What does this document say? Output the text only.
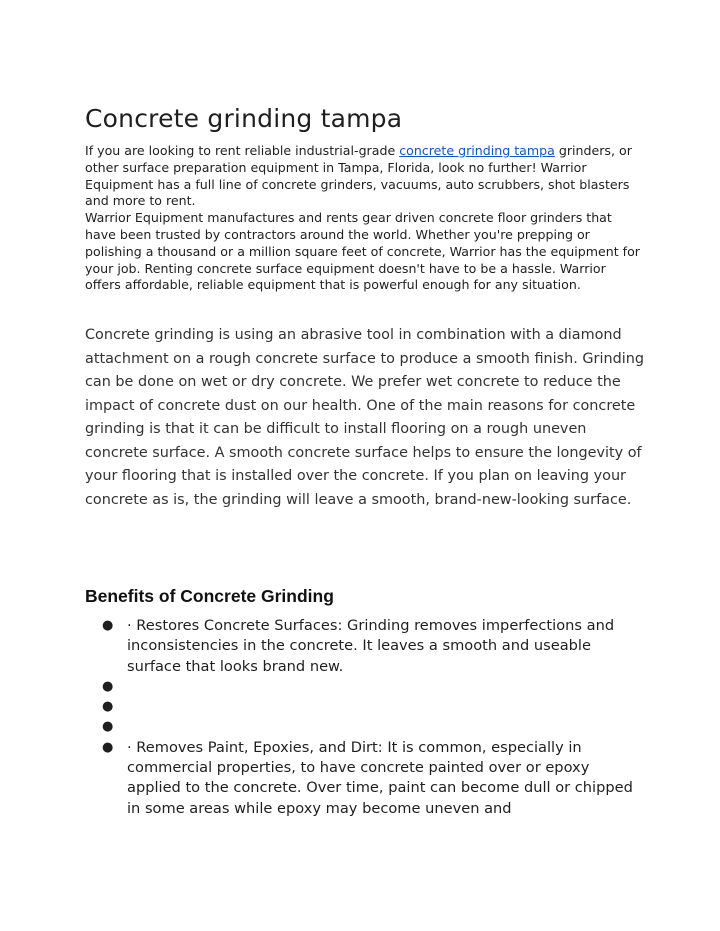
Concrete grinding tampa

If you are looking to rent reliable industrial-grade concrete grinding tampa grinders, or other surface preparation equipment in Tampa, Florida, look no further! Warrior Equipment has a full line of concrete grinders, vacuums, auto scrubbers, shot blasters and more to rent.

Warrior Equipment manufactures and rents gear driven concrete floor grinders that have been trusted by contractors around the world. Whether you're prepping or polishing a thousand or a million square feet of concrete, Warrior has the equipment for your job. Renting concrete surface equipment doesn't have to be a hassle. Warrior offers affordable, reliable equipment that is powerful enough for any situation.

Concrete grinding is using an abrasive tool in combination with a diamond attachment on a rough concrete surface to produce a smooth finish. Grinding can be done on wet or dry concrete. We prefer wet concrete to reduce the impact of concrete dust on our health. One of the main reasons for concrete grinding is that it can be difficult to install flooring on a rough uneven concrete surface. A smooth concrete surface helps to ensure the longevity of your flooring that is installed over the concrete. If you plan on leaving your concrete as is, the grinding will leave a smooth, brand-new-looking surface.

Benefits of Concrete Grinding
● · Restores Concrete Surfaces: Grinding removes imperfections and inconsistencies in the concrete. It leaves a smooth and useable surface that looks brand new.
●
●
●
● · Removes Paint, Epoxies, and Dirt: It is common, especially in commercial properties, to have concrete painted over or epoxy applied to the concrete. Over time, paint can become dull or chipped in some areas while epoxy may become uneven and
